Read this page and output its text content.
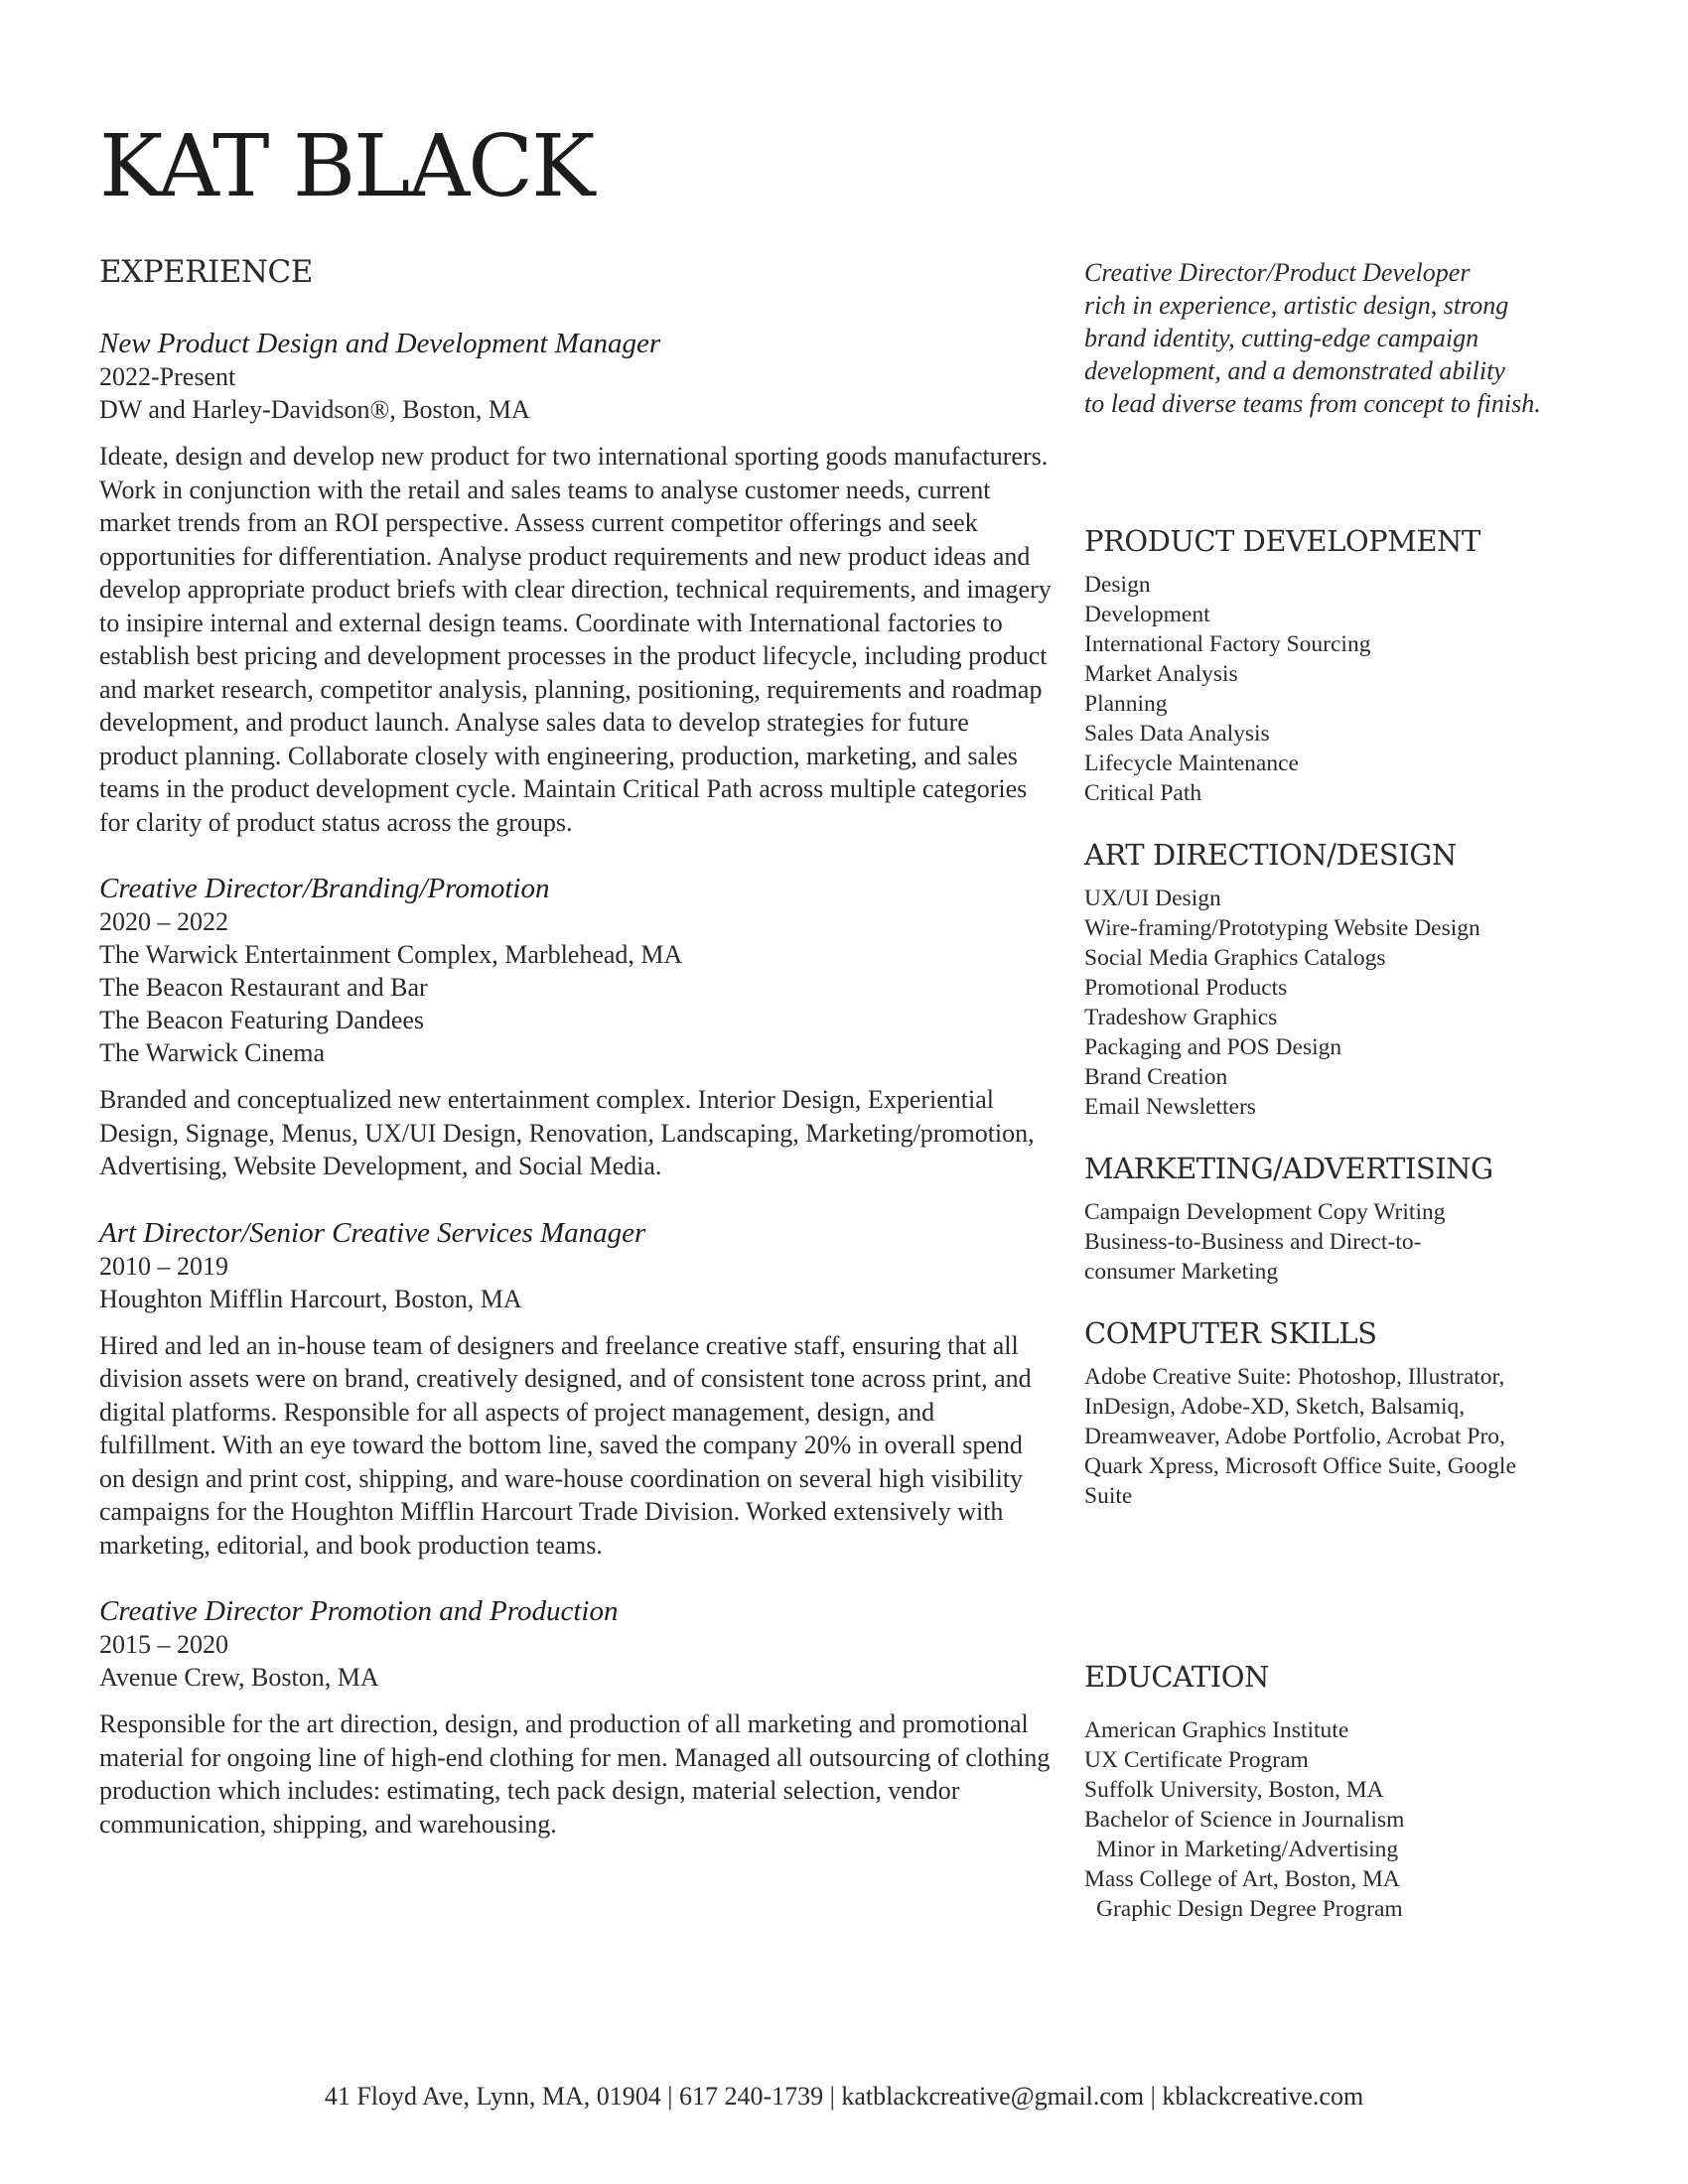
KAT BLACK
EXPERIENCE

New Product Design and Development Manager

2022-Present

DW and Harley-Davidson®, Boston, MA

Ideate, design and develop new product for two international sporting goods manufacturers. Work in conjunction with the retail and sales teams to analyse customer needs, current market trends from an ROI perspective. Assess current competitor offerings and seek opportunities for differentiation. Analyse product requirements and new product ideas and develop appropriate product briefs with clear direction, technical requirements, and imagery to insipire internal and external design teams. Coordinate with International factories to establish best pricing and development processes in the product lifecycle, including product and market research, competitor analysis, planning, positioning, requirements and roadmap development, and product launch. Analyse sales data to develop strategies for future product planning. Collaborate closely with engineering, production, marketing, and sales teams in the product development cycle. Maintain Critical Path across multiple categories for clarity of product status across the groups.

Creative Director/Branding/Promotion

2020 – 2022

The Warwick Entertainment Complex, Marblehead, MA

The Beacon Restaurant and Bar

The Beacon Featuring Dandees

The Warwick Cinema

Branded and conceptualized new entertainment complex. Interior Design, Experiential Design, Signage, Menus, UX/UI Design, Renovation, Landscaping, Marketing/promotion, Advertising, Website Development, and Social Media.

Art Director/Senior Creative Services Manager

2010 – 2019

Houghton Mifflin Harcourt, Boston, MA

Hired and led an in-house team of designers and freelance creative staff, ensuring that all division assets were on brand, creatively designed, and of consistent tone across print, and digital platforms. Responsible for all aspects of project management, design, and fulfillment. With an eye toward the bottom line, saved the company 20% in overall spend on design and print cost, shipping, and ware-house coordination on several high visibility campaigns for the Houghton Mifflin Harcourt Trade Division. Worked extensively with marketing, editorial, and book production teams.

Creative Director Promotion and Production

2015 – 2020

Avenue Crew, Boston, MA

Responsible for the art direction, design, and production of all marketing and promotional material for ongoing line of high-end clothing for men. Managed all outsourcing of clothing production which includes: estimating, tech pack design, material selection, vendor communication, shipping, and warehousing.

Creative Director/Product Developer

rich in experience, artistic design, strong

brand identity, cutting-edge campaign

development, and a demonstrated ability

to lead diverse teams from concept to finish.

PRODUCT DEVELOPMENT
Design
Development
International Factory Sourcing
Market Analysis
Planning
Sales Data Analysis
Lifecycle Maintenance
Critical Path
ART DIRECTION/DESIGN
UX/UI Design
Wire-framing/Prototyping Website Design
Social Media Graphics Catalogs
Promotional Products
Tradeshow Graphics
Packaging and POS Design
Brand Creation
Email Newsletters
MARKETING/ADVERTISING

Campaign Development Copy Writing Business-to-Business and Direct-to-consumer Marketing

COMPUTER SKILLS

Adobe Creative Suite: Photoshop, Illustrator, InDesign, Adobe-XD, Sketch, Balsamiq, Dreamweaver, Adobe Portfolio, Acrobat Pro, Quark Xpress, Microsoft Office Suite, Google Suite

EDUCATION
American Graphics Institute
UX Certificate Program
Suffolk University, Boston, MA
Bachelor of Science in Journalism
Minor in Marketing/Advertising
Mass College of Art, Boston, MA
Graphic Design Degree Program
41 Floyd Ave, Lynn, MA, 01904 | 617 240-1739 | katblackcreative@gmail.com | kblackcreative.com
